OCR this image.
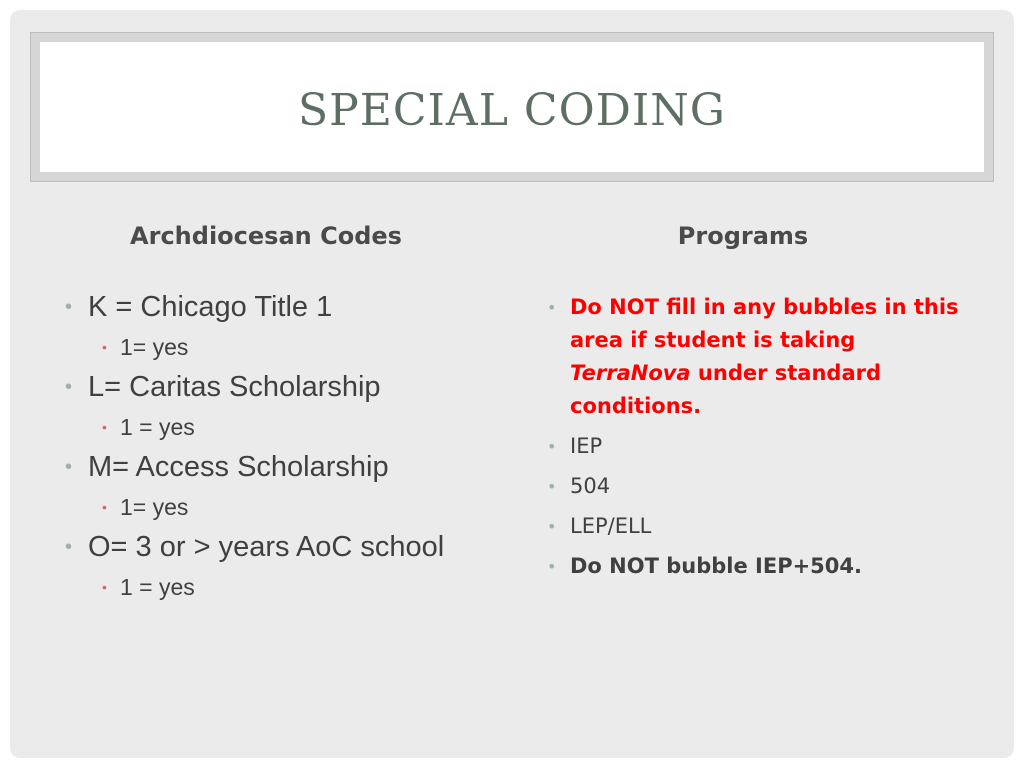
SPECIAL CODING
Archdiocesan Codes	Programs
• K = Chicago Title 1
• 1= yes
• L= Caritas Scholarship
• 1 = yes
• M= Access Scholarship
• 1= yes
• O= 3 or > years AoC school
• 1 = yes
• Do NOT fill in any bubbles in this area if student is taking TerraNova under standard conditions.
• IEP
• 504
• LEP/ELL
• Do NOT bubble IEP+504.
